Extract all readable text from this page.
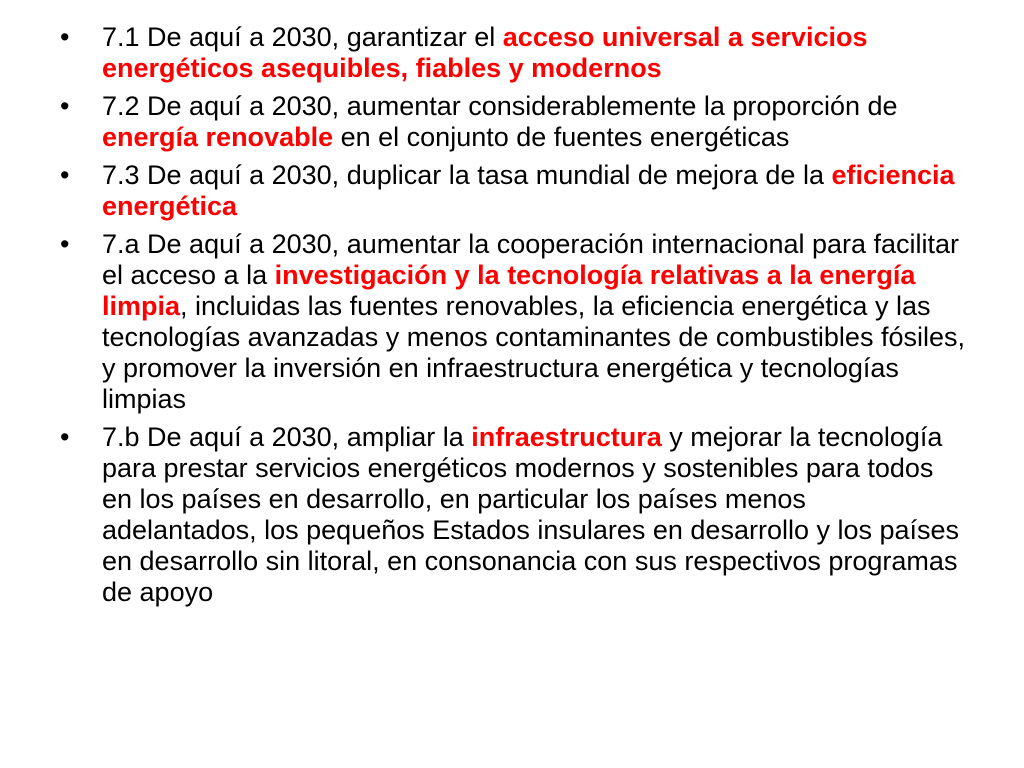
•	7.1 De aquí a 2030, garantizar el acceso universal a servicios energéticos asequibles, fiables y modernos
•	7.2 De aquí a 2030, aumentar considerablemente la proporción de energía renovable en el conjunto de fuentes energéticas
•	7.3 De aquí a 2030, duplicar la tasa mundial de mejora de la eficiencia energética
•	7.a De aquí a 2030, aumentar la cooperación internacional para facilitar el acceso a la investigación y la tecnología relativas a la energía limpia, incluidas las fuentes renovables, la eficiencia energética y las tecnologías avanzadas y menos contaminantes de combustibles fósiles, y promover la inversión en infraestructura energética y tecnologías limpias
•	7.b De aquí a 2030, ampliar la infraestructura y mejorar la tecnología para prestar servicios energéticos modernos y sostenibles para todos en los países en desarrollo, en particular los países menos adelantados, los pequeños Estados insulares en desarrollo y los países en desarrollo sin litoral, en consonancia con sus respectivos programas de apoyo
